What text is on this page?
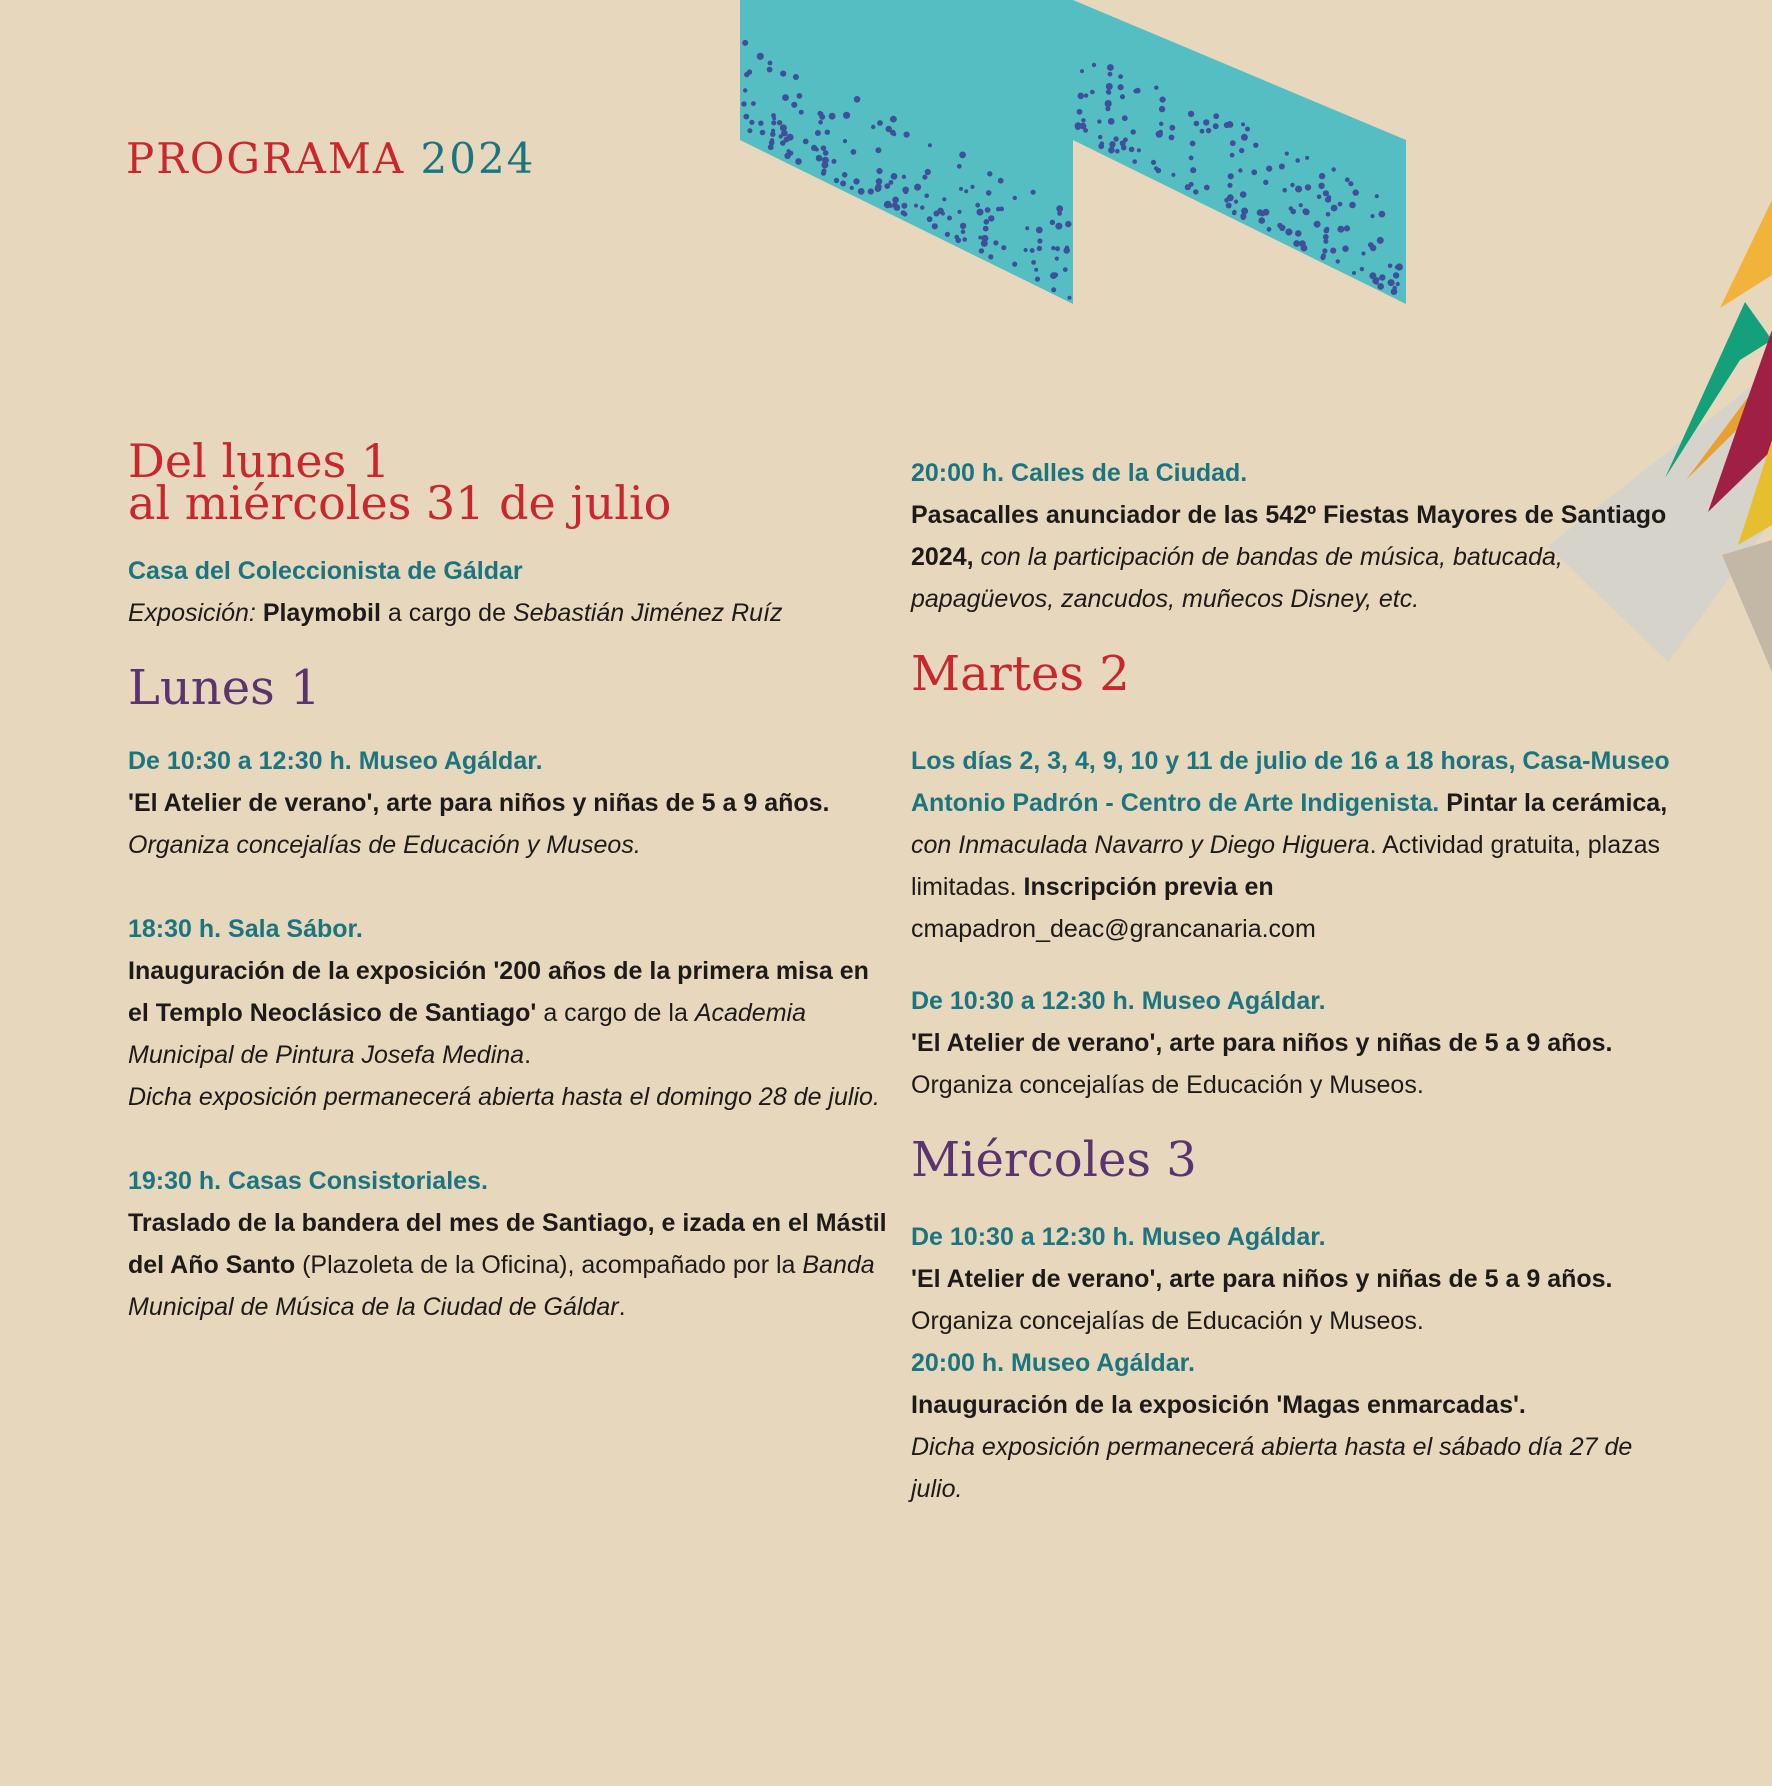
PROGRAMA 2024
Del lunes 1
al miércoles 31 de julio

Casa del Coleccionista de Gáldar
Exposición: Playmobil a cargo de Sebastián Jiménez Ruíz

Lunes 1

De 10:30 a 12:30 h. Museo Agáldar.
'El Atelier de verano', arte para niños y niñas de 5 a 9 años. Organiza concejalías de Educación y Museos.

18:30 h. Sala Sábor.
Inauguración de la exposición '200 años de la primera misa en el Templo Neoclásico de Santiago' a cargo de la Academia Municipal de Pintura Josefa Medina.
Dicha exposición permanecerá abierta hasta el domingo 28 de julio.

19:30 h. Casas Consistoriales.
Traslado de la bandera del mes de Santiago, e izada en el Mástil del Año Santo (Plazoleta de la Oficina), acompañado por la Banda Municipal de Música de la Ciudad de Gáldar.

20:00 h. Calles de la Ciudad.
Pasacalles anunciador de las 542º Fiestas Mayores de Santiago 2024, con la participación de bandas de música, batucada, papagüevos, zancudos, muñecos Disney, etc.

Martes 2

Los días 2, 3, 4, 9, 10 y 11 de julio de 16 a 18 horas, Casa-Museo Antonio Padrón - Centro de Arte Indigenista. Pintar la cerámica, con Inmaculada Navarro y Diego Higuera. Actividad gratuita, plazas limitadas. Inscripción previa en
cmapadron_deac@grancanaria.com

De 10:30 a 12:30 h. Museo Agáldar.
'El Atelier de verano', arte para niños y niñas de 5 a 9 años. Organiza concejalías de Educación y Museos.

Miércoles 3

De 10:30 a 12:30 h. Museo Agáldar.
'El Atelier de verano', arte para niños y niñas de 5 a 9 años. Organiza concejalías de Educación y Museos.

20:00 h. Museo Agáldar.
Inauguración de la exposición 'Magas enmarcadas'.
Dicha exposición permanecerá abierta hasta el sábado día 27 de julio.
